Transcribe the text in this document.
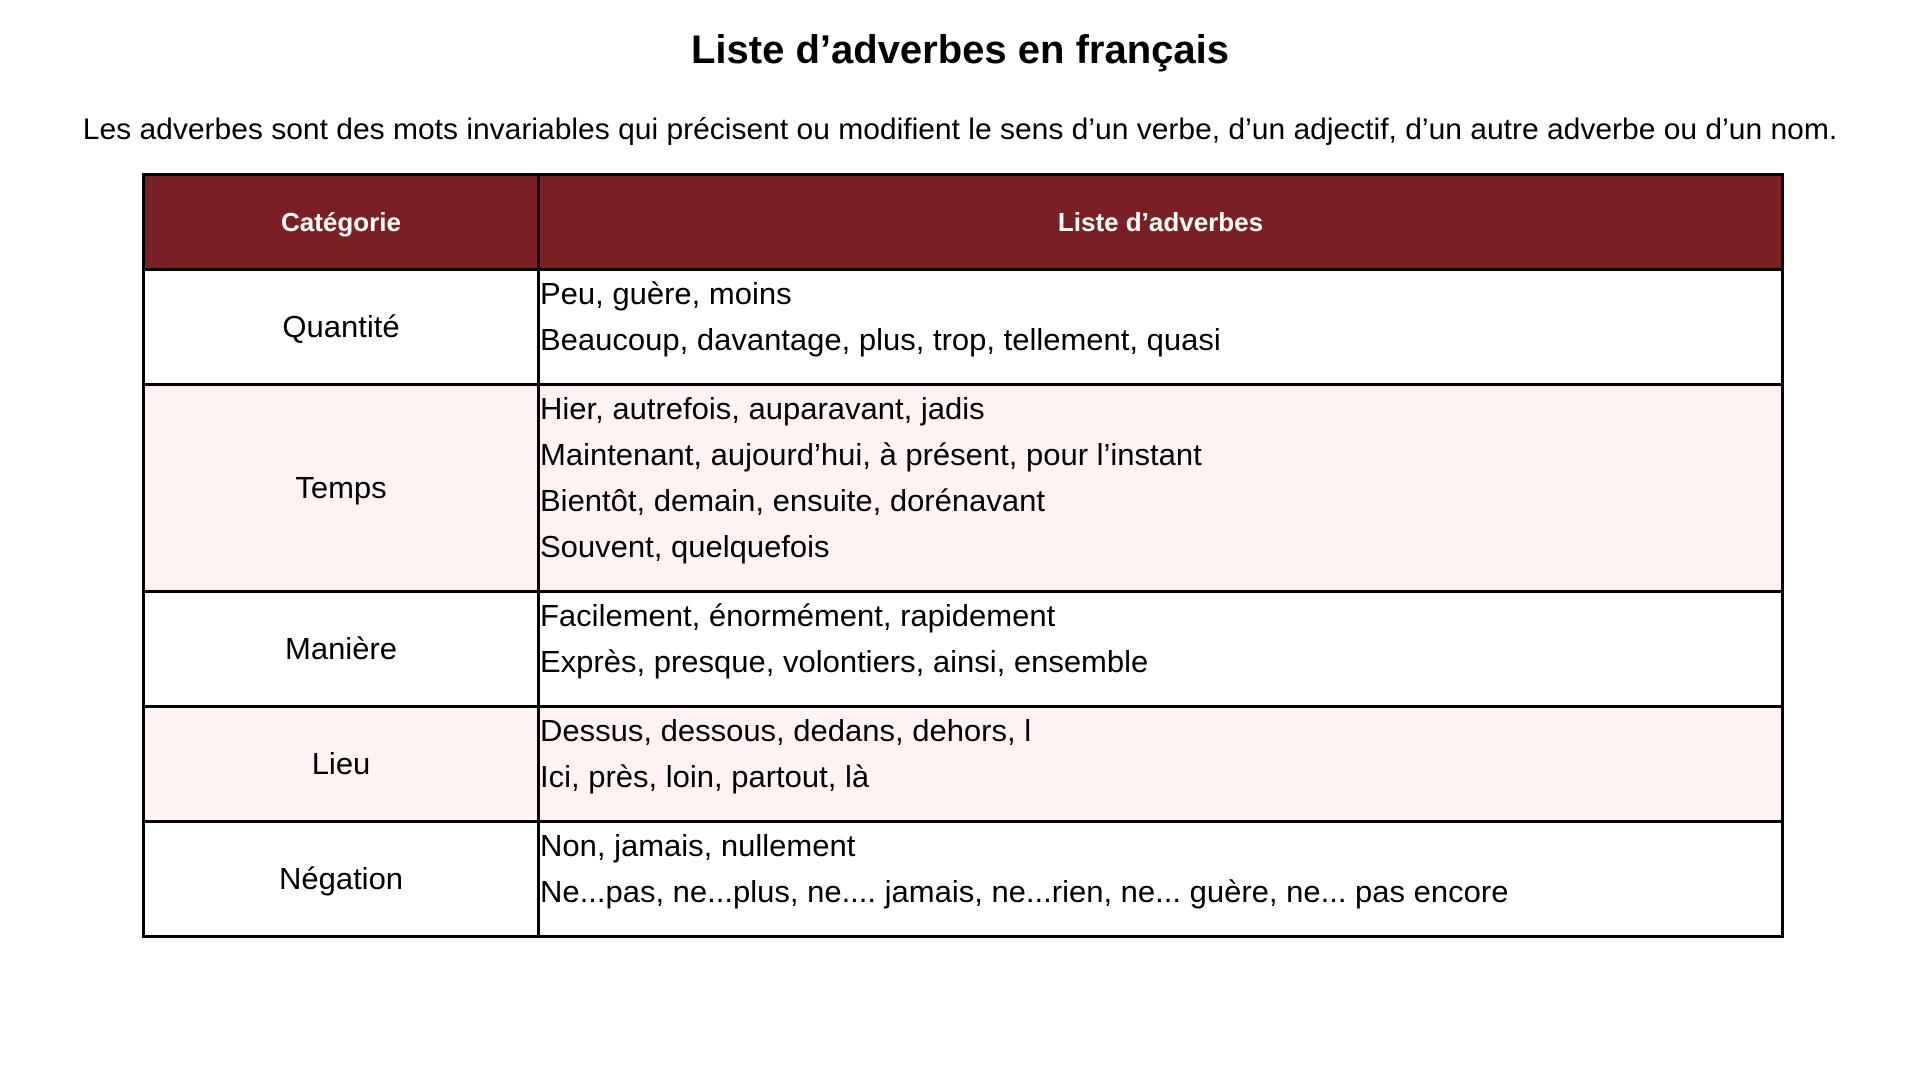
Liste d’adverbes en français

Les adverbes sont des mots invariables qui précisent ou modifient le sens d’un verbe, d’un adjectif, d’un autre adverbe ou d’un nom.

Catégorie	Liste d’adverbes
Quantité	Peu, guère, moins
Beaucoup, davantage, plus, trop, tellement, quasi

Temps	Hier, autrefois, auparavant, jadis
Maintenant, aujourd’hui, à présent, pour l’instant
Bientôt, demain, ensuite, dorénavant
Souvent, quelquefois

Manière	Facilement, énormément, rapidement
Exprès, presque, volontiers, ainsi, ensemble

Lieu	Dessus, dessous, dedans, dehors, l
Ici, près, loin, partout, là

Négation	Non, jamais, nullement
Ne...pas, ne...plus, ne.... jamais, ne...rien, ne... guère, ne... pas encore
